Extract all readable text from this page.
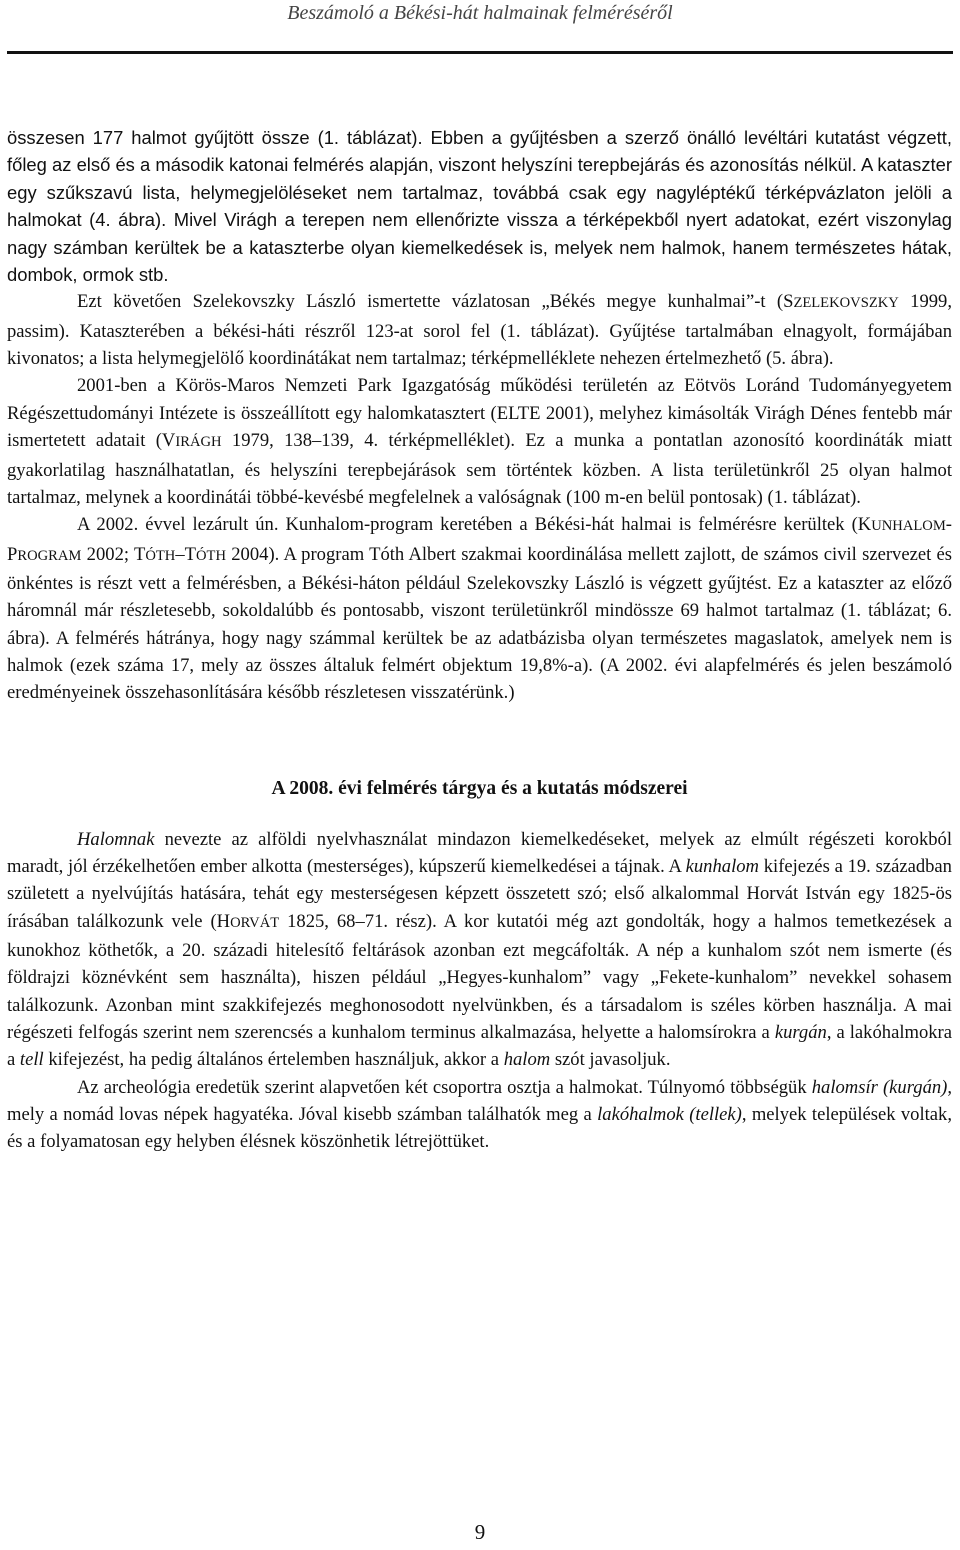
Beszámoló a Békési-hát halmainak felméréséről

összesen 177 halmot gyűjtött össze (1. táblázat). Ebben a gyűjtésben a szerző önálló levéltári kutatást végzett, főleg az első és a második katonai felmérés alapján, viszont helyszíni terepbejárás és azonosítás nélkül. A kataszter egy szűkszavú lista, helymegjelöléseket nem tartalmaz, továbbá csak egy nagyléptékű térképvázlaton jelöli a halmokat (4. ábra). Mivel Virágh a terepen nem ellenőrizte vissza a térképekből nyert adatokat, ezért viszonylag nagy számban kerültek be a kataszterbe olyan kiemelkedések is, melyek nem halmok, hanem természetes hátak, dombok, ormok stb.

Ezt követően Szelekovszky László ismertette vázlatosan „Békés megye kunhalmai”-t (SZELEKOVSZKY 1999, passim). Kataszterében a békési-háti részről 123-at sorol fel (1. táblázat). Gyűjtése tartalmában elnagyolt, formájában kivonatos; a lista helymegjelölő koordinátákat nem tartalmaz; térképmelléklete nehezen értelmezhető (5. ábra).

2001-ben a Körös-Maros Nemzeti Park Igazgatóság működési területén az Eötvös Loránd Tudományegyetem Régészettudományi Intézete is összeállított egy halomkatasztert (ELTE 2001), melyhez kimásolták Virágh Dénes fentebb már ismertetett adatait (VIRÁGH 1979, 138–139, 4. térképmelléklet). Ez a munka a pontatlan azonosító koordináták miatt gyakorlatilag használhatatlan, és helyszíni terepbejárások sem történtek közben. A lista területünkről 25 olyan halmot tartalmaz, melynek a koordinátái többé-kevésbé megfelelnek a valóságnak (100 m-en belül pontosak) (1. táblázat).

A 2002. évvel lezárult ún. Kunhalom-program keretében a Békési-hát halmai is felmérésre kerültek (KUNHALOM-PROGRAM 2002; TÓTH–TÓTH 2004). A program Tóth Albert szakmai koordinálása mellett zajlott, de számos civil szervezet és önkéntes is részt vett a felmérésben, a Békési-háton például Szelekovszky László is végzett gyűjtést. Ez a kataszter az előző háromnál már részletesebb, sokoldalúbb és pontosabb, viszont területünkről mindössze 69 halmot tartalmaz (1. táblázat; 6. ábra). A felmérés hátránya, hogy nagy számmal kerültek be az adatbázisba olyan természetes magaslatok, amelyek nem is halmok (ezek száma 17, mely az összes általuk felmért objektum 19,8%-a). (A 2002. évi alapfelmérés és jelen beszámoló eredményeinek összehasonlítására később részletesen visszatérünk.)

A 2008. évi felmérés tárgya és a kutatás módszerei

Halomnak nevezte az alföldi nyelvhasználat mindazon kiemelkedéseket, melyek az elmúlt régészeti korokból maradt, jól érzékelhetően ember alkotta (mesterséges), kúpszerű kiemelkedései a tájnak. A kunhalom kifejezés a 19. században született a nyelvújítás hatására, tehát egy mesterségesen képzett összetett szó; első alkalommal Horvát István egy 1825-ös írásában találkozunk vele (HORVÁT 1825, 68–71. rész). A kor kutatói még azt gondolták, hogy a halmos temetkezések a kunokhoz köthetők, a 20. századi hitelesítő feltárások azonban ezt megcáfolták. A nép a kunhalom szót nem ismerte (és földrajzi köznévként sem használta), hiszen például „Hegyes-kunhalom” vagy „Fekete-kunhalom” nevekkel sohasem találkozunk. Azonban mint szakkifejezés meghonosodott nyelvünkben, és a társadalom is széles körben használja. A mai régészeti felfogás szerint nem szerencsés a kunhalom terminus alkalmazása, helyette a halomsírokra a kurgán, a lakóhalmokra a tell kifejezést, ha pedig általános értelemben használjuk, akkor a halom szót javasoljuk.

Az archeológia eredetük szerint alapvetően két csoportra osztja a halmokat. Túlnyomó többségük halomsír (kurgán), mely a nomád lovas népek hagyatéka. Jóval kisebb számban találhatók meg a lakóhalmok (tellek), melyek települések voltak, és a folyamatosan egy helyben élésnek köszönhetik létrejöttüket.

9
